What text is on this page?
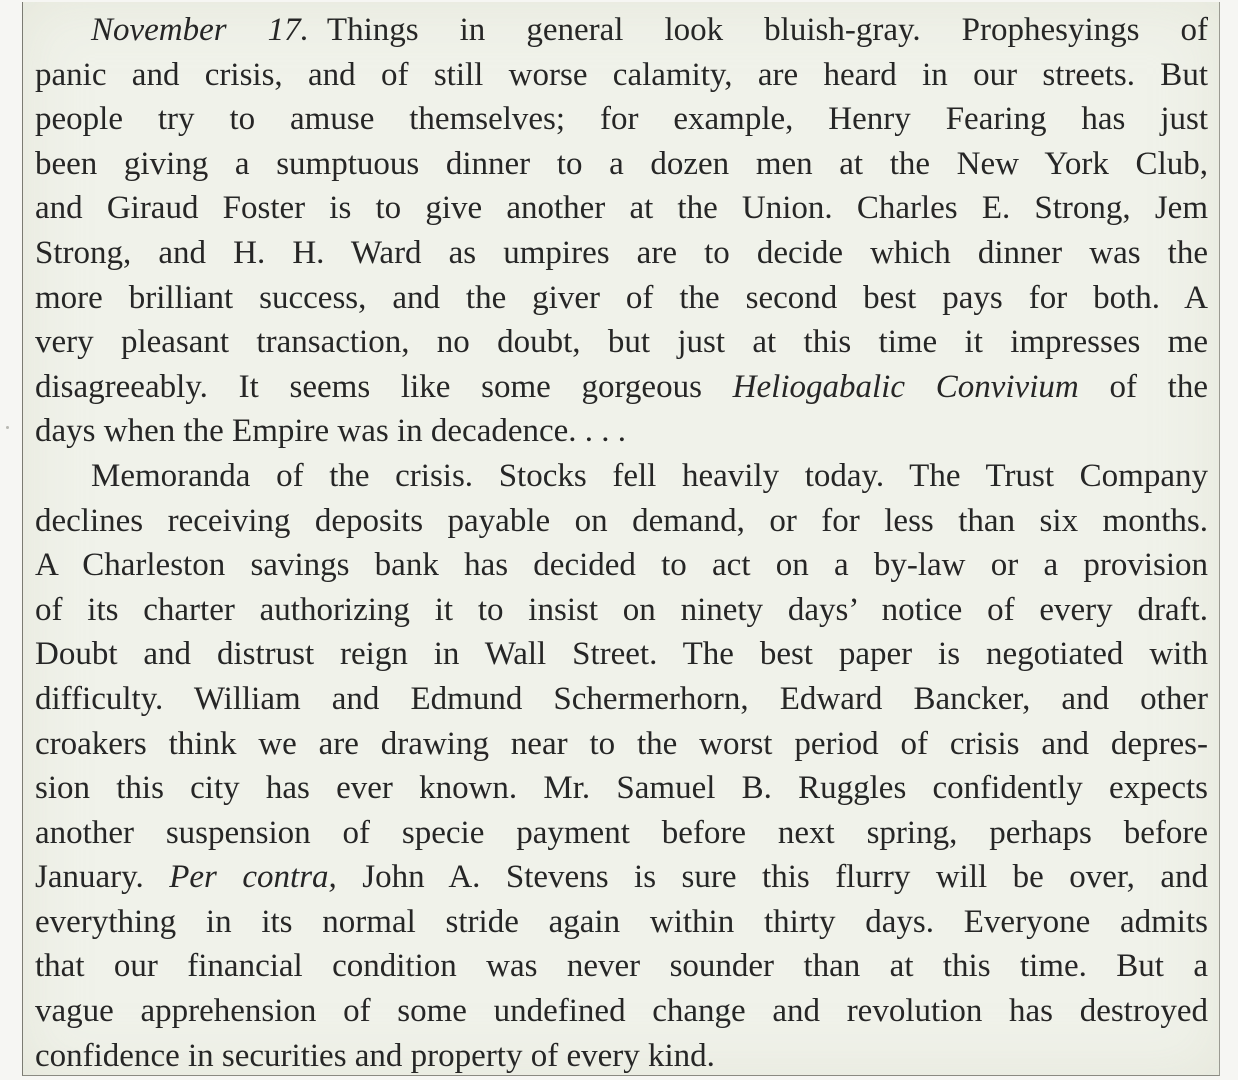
November 17. Things in general look bluish-gray. Prophesyings of
panic and crisis, and of still worse calamity, are heard in our streets. But
people try to amuse themselves; for example, Henry Fearing has just
been giving a sumptuous dinner to a dozen men at the New York Club,
and Giraud Foster is to give another at the Union. Charles E. Strong, Jem
Strong, and H. H. Ward as umpires are to decide which dinner was the
more brilliant success, and the giver of the second best pays for both. A
very pleasant transaction, no doubt, but just at this time it impresses me
disagreeably. It seems like some gorgeous Heliogabalic Convivium of the
days when the Empire was in decadence. . . .
Memoranda of the crisis. Stocks fell heavily today. The Trust Company
declines receiving deposits payable on demand, or for less than six months.
A Charleston savings bank has decided to act on a by-law or a provision
of its charter authorizing it to insist on ninety days’ notice of every draft.
Doubt and distrust reign in Wall Street. The best paper is negotiated with
difficulty. William and Edmund Schermerhorn, Edward Bancker, and other
croakers think we are drawing near to the worst period of crisis and depres-
sion this city has ever known. Mr. Samuel B. Ruggles confidently expects
another suspension of specie payment before next spring, perhaps before
January. Per contra, John A. Stevens is sure this flurry will be over, and
everything in its normal stride again within thirty days. Everyone admits
that our financial condition was never sounder than at this time. But a
vague apprehension of some undefined change and revolution has destroyed
confidence in securities and property of every kind.
